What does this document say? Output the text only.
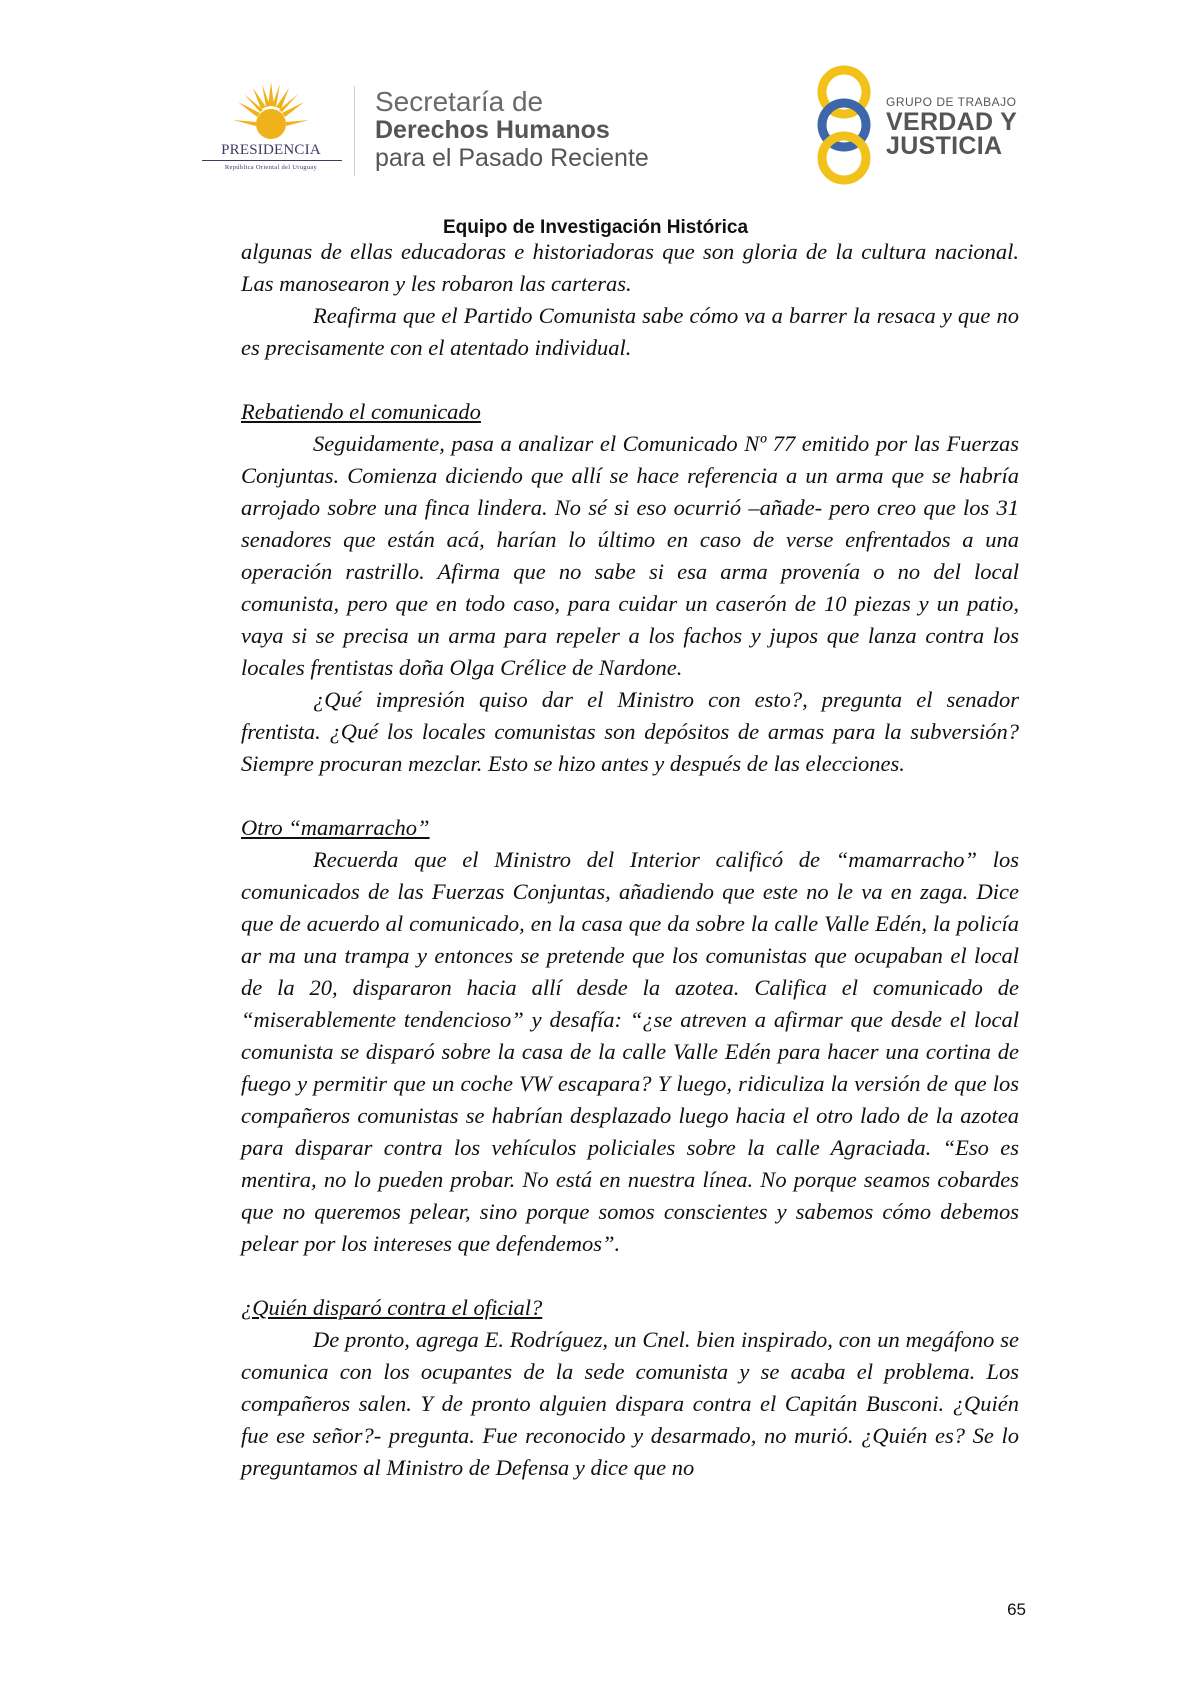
PRESIDENCIA
República Oriental del Uruguay
Secretaría de
Derechos Humanos
para el Pasado Reciente
GRUPO DE TRABAJO
VERDAD Y
JUSTICIA
Equipo de Investigación Histórica

algunas de ellas educadoras e historiadoras que son gloria de la cultura nacional. Las manosearon y les robaron las carteras.

Reafirma que el Partido Comunista sabe cómo va a barrer la resaca y que no es precisamente con el atentado individual.

Rebatiendo el comunicado

Seguidamente, pasa a analizar el Comunicado Nº 77 emitido por las Fuerzas Conjuntas. Comienza diciendo que allí se hace referencia a un arma que se habría arrojado sobre una finca lindera. No sé si eso ocurrió –añade- pero creo que los 31 senadores que están acá, harían lo último en caso de verse enfrentados a una operación rastrillo. Afirma que no sabe si esa arma provenía o no del local comunista, pero que en todo caso, para cuidar un caserón de 10 piezas y un patio, vaya si se precisa un arma para repeler a los fachos y jupos que lanza contra los locales frentistas doña Olga Crélice de Nardone.

¿Qué impresión quiso dar el Ministro con esto?, pregunta el senador frentista. ¿Qué los locales comunistas son depósitos de armas para la subversión? Siempre procuran mezclar. Esto se hizo antes y después de las elecciones.

Otro “mamarracho”

Recuerda que el Ministro del Interior calificó de “mamarracho” los comunicados de las Fuerzas Conjuntas, añadiendo que este no le va en zaga. Dice que de acuerdo al comunicado, en la casa que da sobre la calle Valle Edén, la policía ar ma una trampa y entonces se pretende que los comunistas que ocupaban el local de la 20, dispararon hacia allí desde la azotea. Califica el comunicado de “miserablemente tendencioso” y desafía: “¿se atreven a afirmar que desde el local comunista se disparó sobre la casa de la calle Valle Edén para hacer una cortina de fuego y permitir que un coche VW escapara? Y luego, ridiculiza la versión de que los compañeros comunistas se habrían desplazado luego hacia el otro lado de la azotea para disparar contra los vehículos policiales sobre la calle Agraciada. “Eso es mentira, no lo pueden probar. No está en nuestra línea. No porque seamos cobardes que no queremos pelear, sino porque somos conscientes y sabemos cómo debemos pelear por los intereses que defendemos”.

¿Quién disparó contra el oficial?

De pronto, agrega E. Rodríguez, un Cnel. bien inspirado, con un megáfono se comunica con los ocupantes de la sede comunista y se acaba el problema. Los compañeros salen. Y de pronto alguien dispara contra el Capitán Busconi. ¿Quién fue ese señor?- pregunta. Fue reconocido y desarmado, no murió. ¿Quién es? Se lo preguntamos al Ministro de Defensa y dice que no

65
